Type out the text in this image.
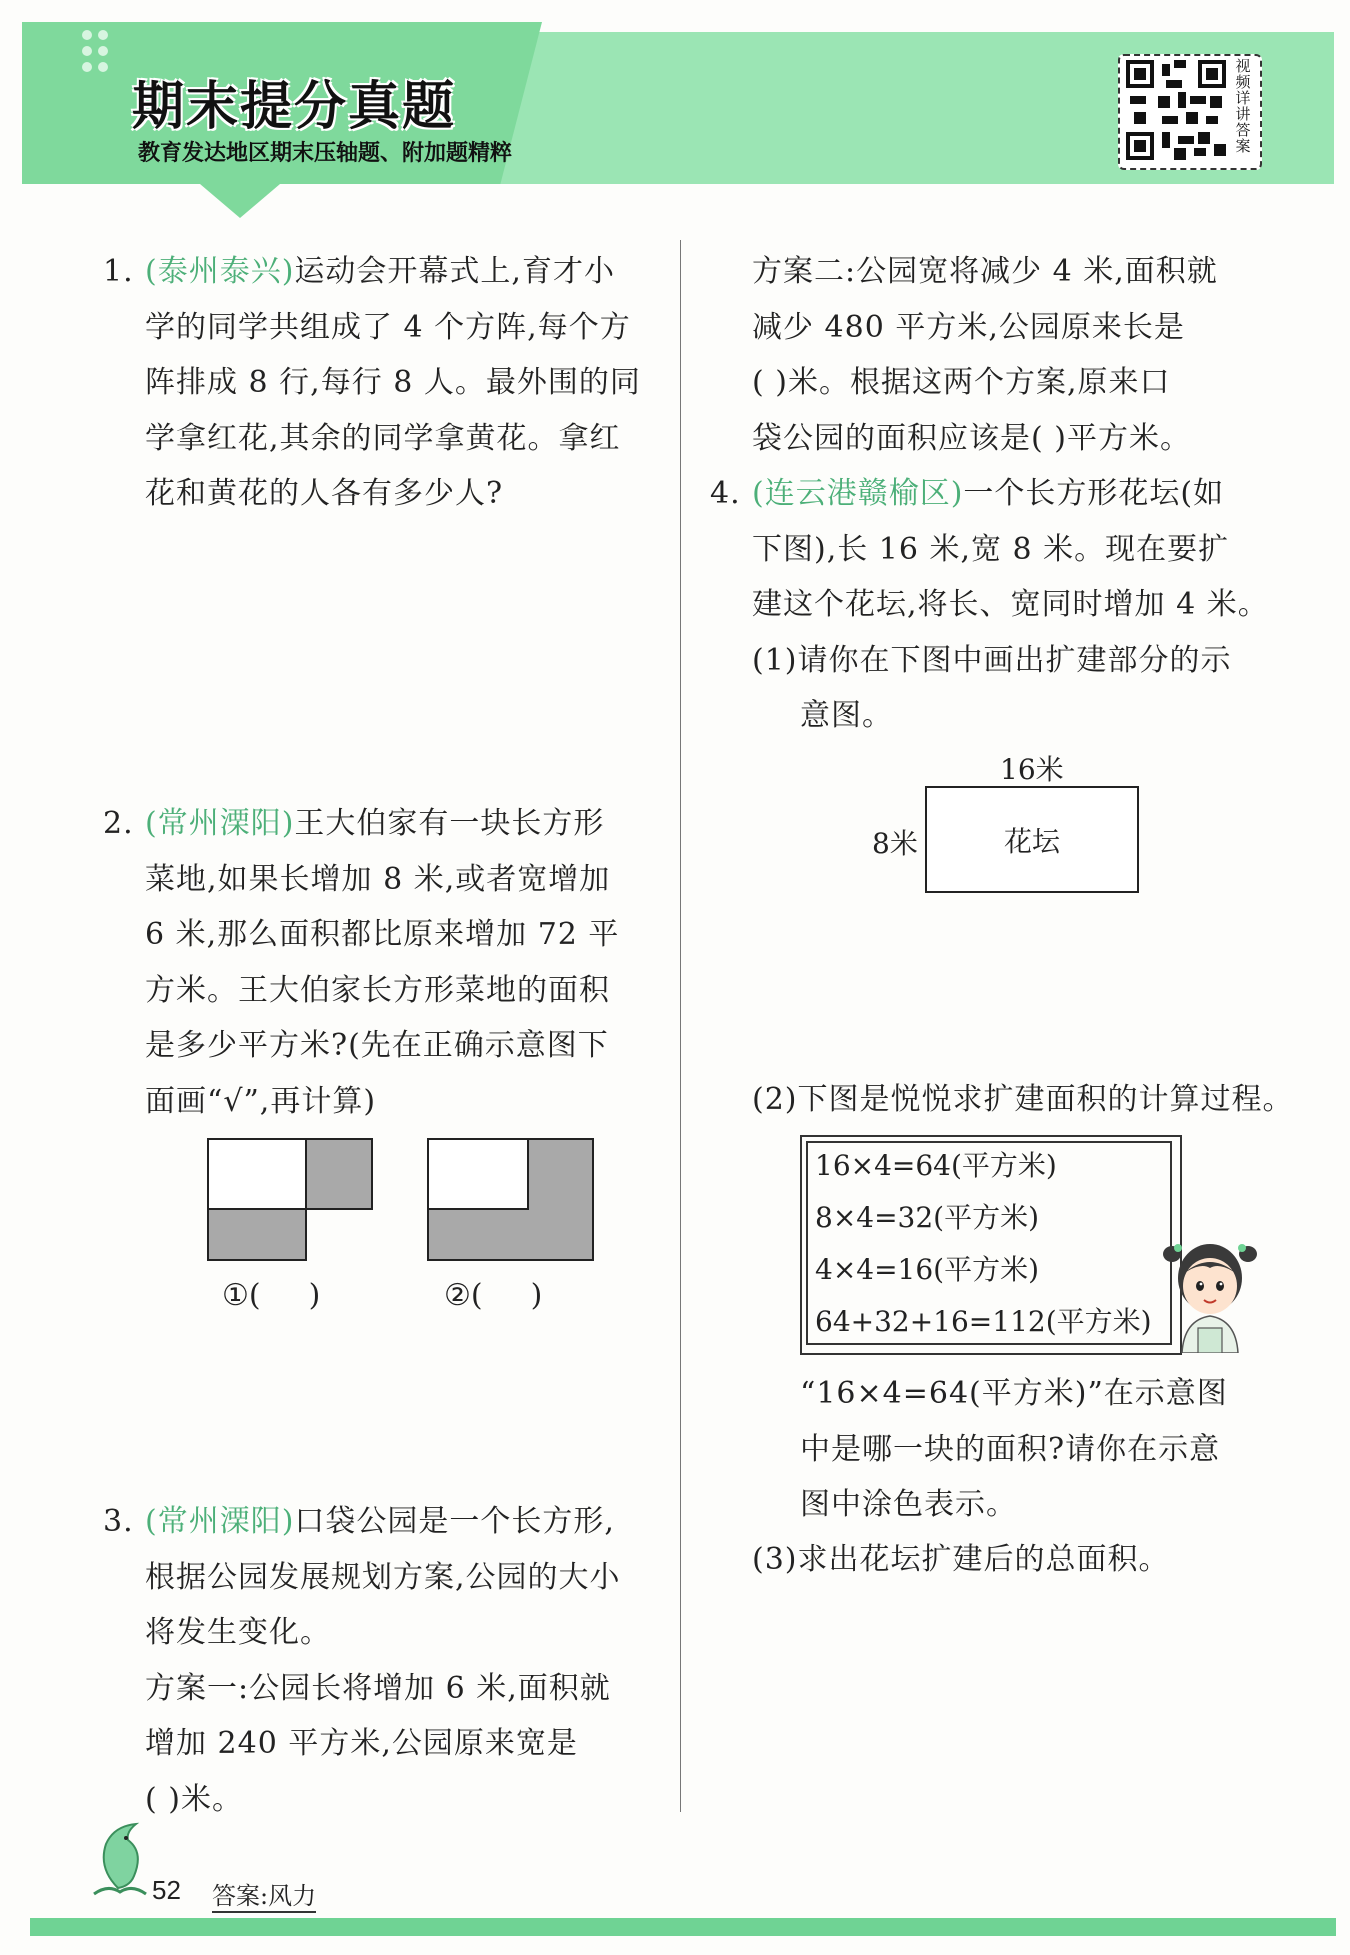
期末提分真题
教育发达地区期末压轴题、附加题精粹
视频详讲答案
1. (泰州泰兴)运动会开幕式上,育才小
学的同学共组成了 4 个方阵,每个方
阵排成 8 行,每行 8 人。最外围的同
学拿红花,其余的同学拿黄花。拿红
花和黄花的人各有多少人?
2. (常州溧阳)王大伯家有一块长方形
菜地,如果长增加 8 米,或者宽增加
6 米,那么面积都比原来增加 72 平
方米。王大伯家长方形菜地的面积
是多少平方米?(先在正确示意图下
面画“√”,再计算)
①( )	②( )
3. (常州溧阳)口袋公园是一个长方形,
根据公园发展规划方案,公园的大小
将发生变化。
方案一:公园长将增加 6 米,面积就
增加 240 平方米,公园原来宽是
( )米。
方案二:公园宽将减少 4 米,面积就
减少 480 平方米,公园原来长是
( )米。根据这两个方案,原来口
袋公园的面积应该是( )平方米。
4. (连云港赣榆区)一个长方形花坛(如
下图),长 16 米,宽 8 米。现在要扩
建这个花坛,将长、宽同时增加 4 米。
(1)请你在下图中画出扩建部分的示
意图。
16米
8米	花坛
(2)下图是悦悦求扩建面积的计算过程。
16×4=64(平方米)
8×4=32(平方米)
4×4=16(平方米)
64+32+16=112(平方米)
“16×4=64(平方米)”在示意图
中是哪一块的面积?请你在示意
图中涂色表示。
(3)求出花坛扩建后的总面积。
52 答案:风力
